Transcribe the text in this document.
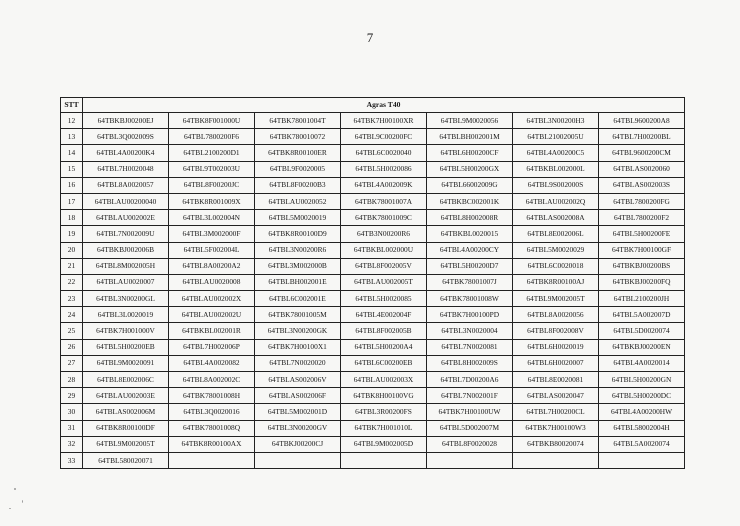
7
STT	Agras T40						
12	64TBKBJ00200EJ	64TBK8F001000U	64TBK78001004T	64TBK7H00100XR	64TBL9M0020056	64TBL3N00200H3	64TBL9600200A8
13	64TBL3Q002009S	64TBL7800200F6	64TBK780010072	64TBL9C00200FC	64TBLBH002001M	64TBL21002005U	64TBL7H00200BL
14	64TBL4A00200K4	64TBL2100200D1	64TBK8R00100ER	64TBL6C0020040	64TBL6H00200CF	64TBL4A00200C5	64TBL9600200CM
15	64TBL7H0020048	64TBL9T002003U	64TBL9F0020005	64TBL5H0020086	64TBL5H00200GX	64TBKBL002000L	64TBLAS0020060
16	64TBL8A0020057	64TBL8F00200JC	64TBL8F00200B3	64TBL4A002009K	64TBL66002009G	64TBL9S002000S	64TBLAS002003S
17	64TBLAU00200040	64TBK8R001009X	64TBLAU0020052	64TBK78001007A	64TBKBC002001K	64TBLAU002002Q	64TBL7800200FG
18	64TBLAU002002E	64TBL3L002004N	64TBL5M0020019	64TBK78001009C	64TBL8H002008R	64TBLAS002008A	64TBL7800200F2
19	64TBL7N002009U	64TBL3M002000F	64TBK8R00100D9	64TB3N00200R6	64TBKBL0020015	64TBL8E002006L	64TBL5H00200FE
20	64TBKBJ002006B	64TBL5F002004L	64TBL3N00200R6	64TBKBL002000U	64TBL4A00200CY	64TBL5M0020029	64TBK7H00100GF
21	64TBL8M002005H	64TBL8A00200A2	64TBL3M002000B	64TBL8F002005V	64TBL5H00200D7	64TBL6C0020018	64TBKBJ00200BS
22	64TBLAU0020007	64TBLAU0020008	64TBLBH002001E	64TBLAU002005T	64TBK78001007J	64TBK8R00100AJ	64TBKBJ00200FQ
23	64TBL3N00200GL	64TBLAU002002X	64TBL6C002001E	64TBL5H0020085	64TBK78001008W	64TBL9M002005T	64TBL2100200JH
24	64TBL3L0020019	64TBLAU002002U	64TBK78001005M	64TBL4E002004F	64TBK7H00100PD	64TBL8A0020056	64TBL5A002007D
25	64TBK7H001000V	64TBKBL002001R	64TBL3N00200GK	64TBL8F002005B	64TBL3N0020004	64TBL8F002008V	64TBL5D0020074
26	64TBL5H00200EB	64TBL7H002006P	64TBK7H00100X1	64TBL5H00200A4	64TBL7N0020081	64TBL6H0020019	64TBKBJ00200EN
27	64TBL9M0020091	64TBL4A0020082	64TBL7N0020020	64TBL6C00200EB	64TBL8H002009S	64TBL6H0020007	64TBL4A0020014
28	64TBL8E002006C	64TBL8A002002C	64TBLAS002006V	64TBLAU002003X	64TBL7D00200A6	64TBL8E0020081	64TBL5H00200GN
29	64TBLAU002003E	64TBK78001008H	64TBLAS002006F	64TBK8H00100VG	64TBL7N002001F	64TBLAS0020047	64TBL5H00200DC
30	64TBLAS002006M	64TBL3Q0020016	64TBL5M002001D	64TBL3R00200FS	64TBK7H00100UW	64TBL7H00200CL	64TBL4A00200HW
31	64TBK8R00100DF	64TBK78001008Q	64TBL3N00200GV	64TBK7H001010L	64TBL5D002007M	64TBK7H00100W3	64TBL58002004H
32	64TBL9M002005T	64TBK8R00100AX	64TBKJ00200CJ	64TBL9M002005D	64TBL8F0020028	64TBKB80020074	64TBL5A0020074
33	64TBL580020071						
